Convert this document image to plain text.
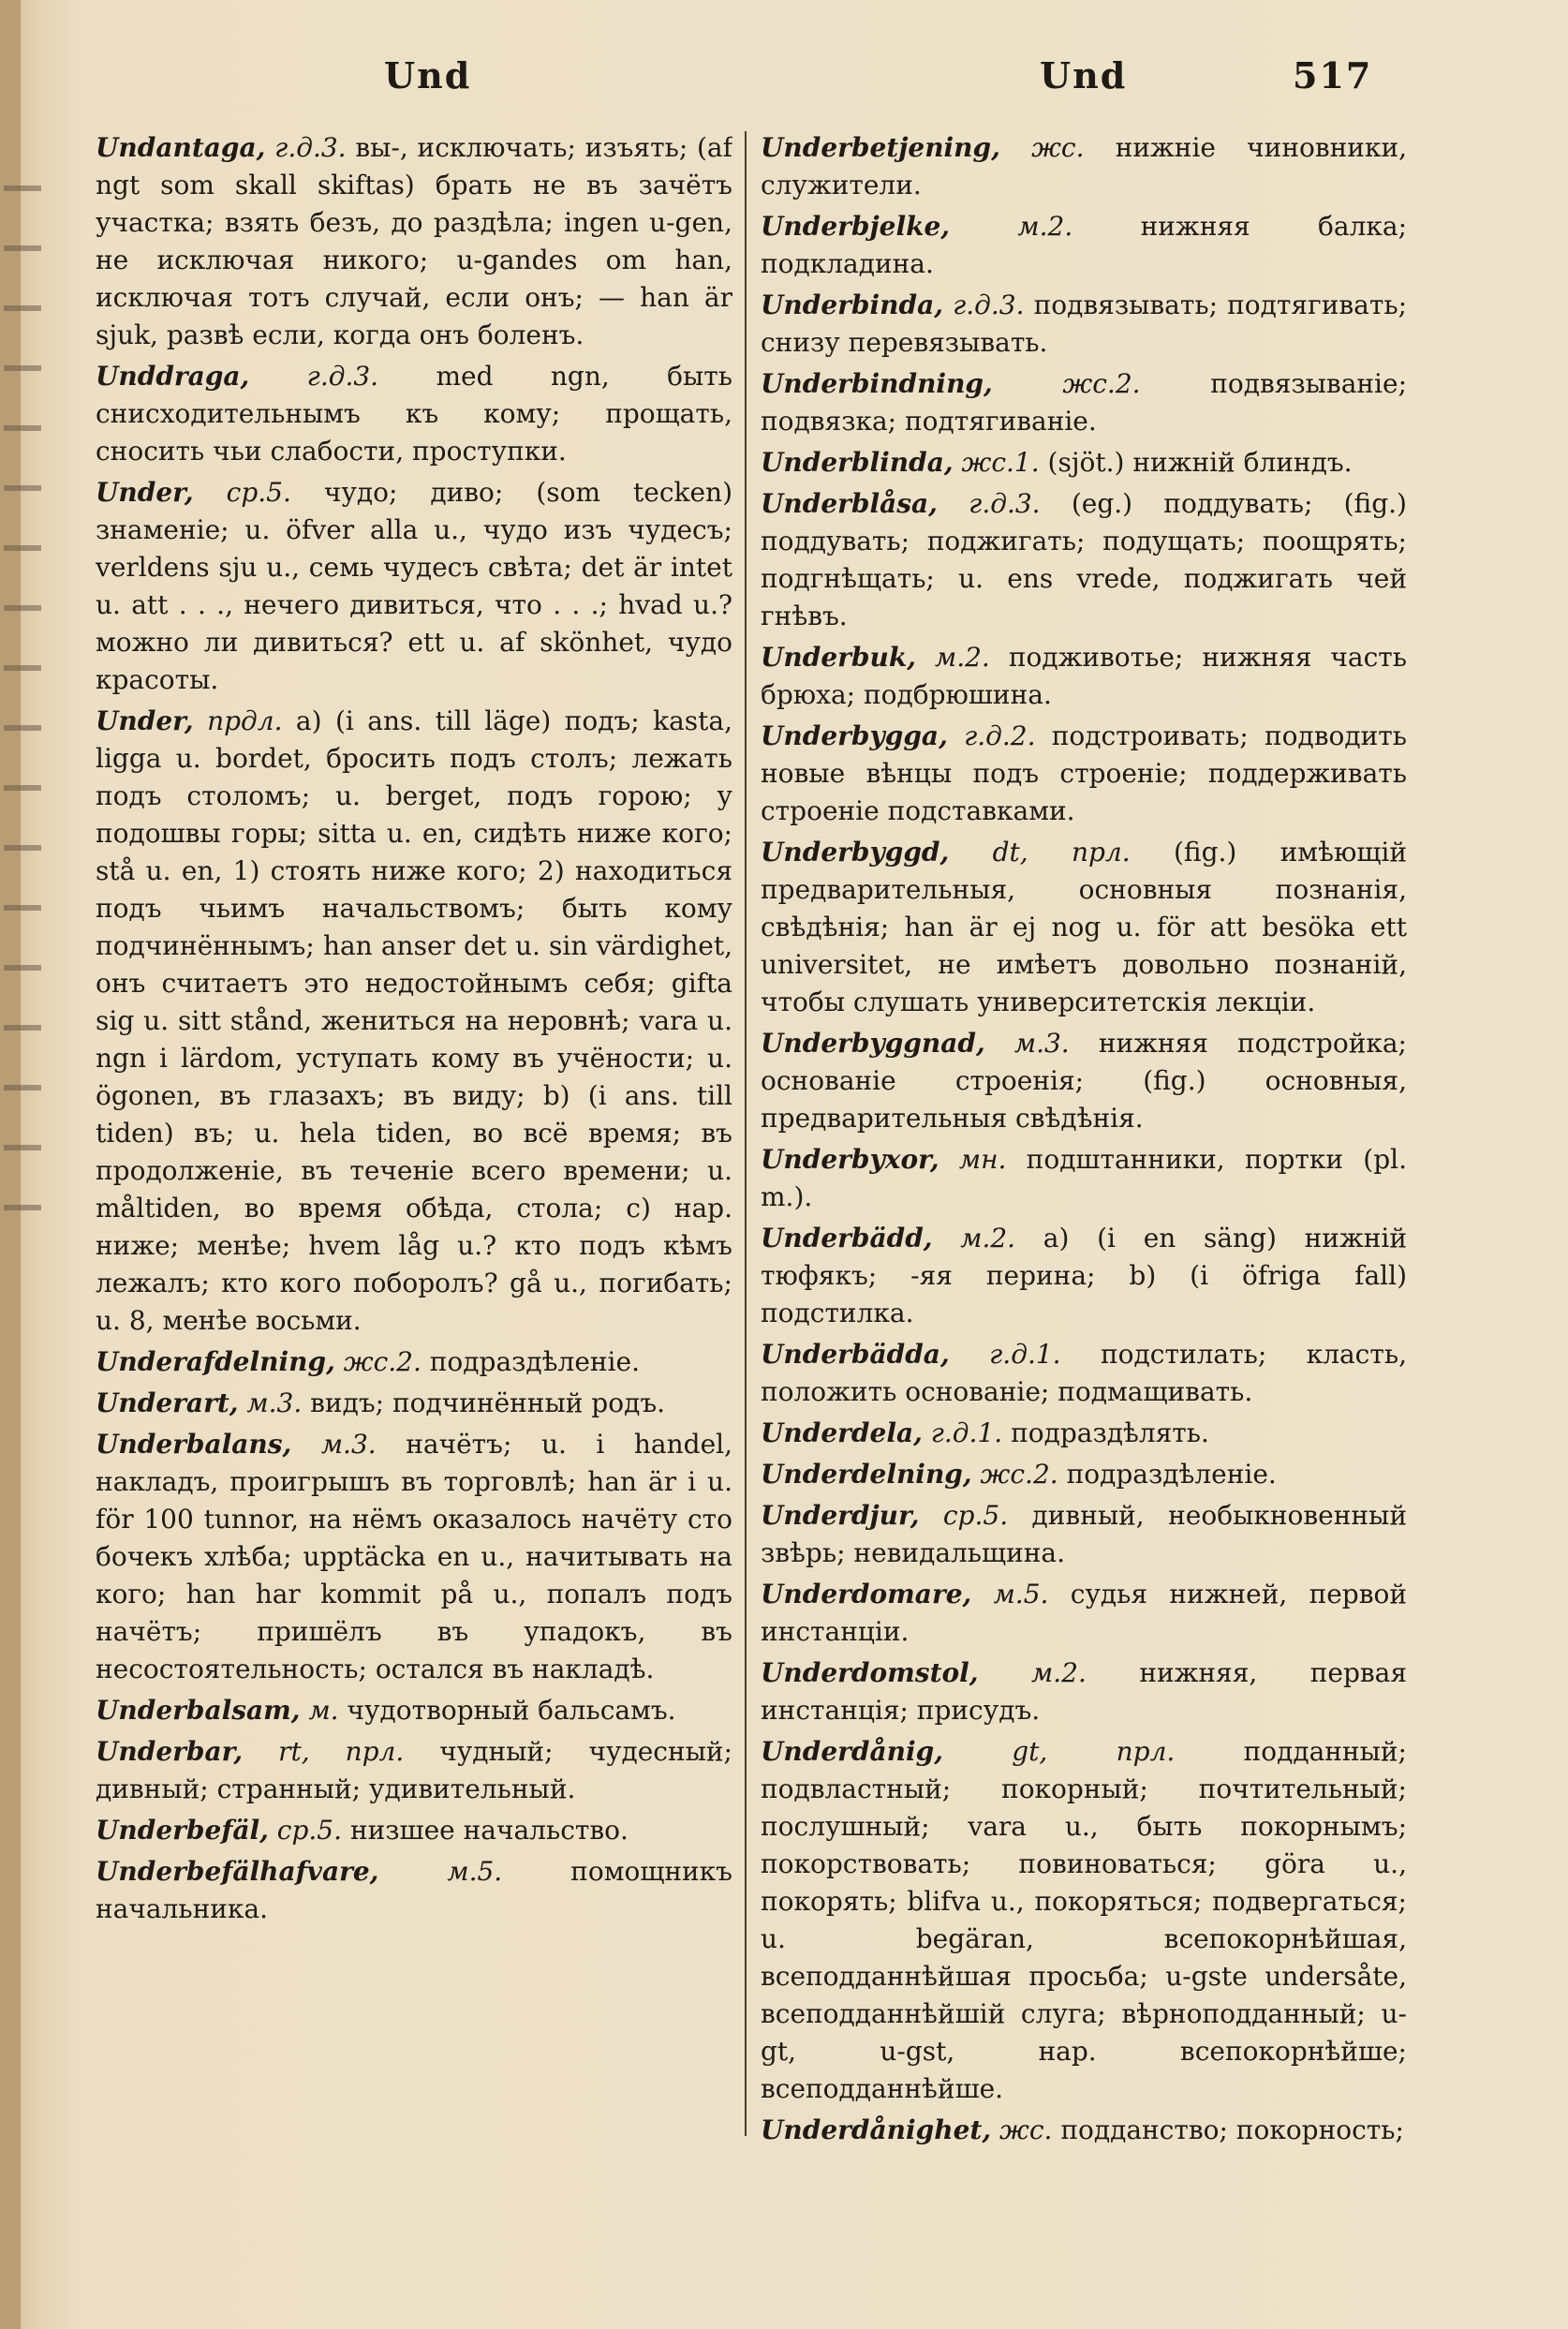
Und	Und	517

Undantaga, г.д.3. вы-, исключать; изъять; (af ngt som skall skiftas) брать не въ зачётъ участка; взять безъ, до раздѣла; ingen u-gen, не исключая никого; u-gandes om han, исключая тотъ случай, если онъ; — han är sjuk, развѣ если, когда онъ боленъ.

Unddraga, г.д.3. med ngn, быть снисходительнымъ къ кому; прощать, сносить чьи слабости, проступки.

Under, ср.5. чудо; диво; (som tecken) знаменіе; u. öfver alla u., чудо изъ чудесъ; verldens sju u., семь чудесъ свѣта; det är intet u. att . . ., нечего дивиться, что . . .; hvad u.? можно ли дивиться? ett u. af skönhet, чудо красоты.

Under, прдл. а) (i ans. till läge) подъ; kasta, ligga u. bordet, бросить подъ столъ; лежать подъ столомъ; u. berget, подъ горою; у подошвы горы; sitta u. en, сидѣть ниже кого; stå u. en, 1) стоять ниже кого; 2) находиться подъ чьимъ начальствомъ; быть кому подчинённымъ; han anser det u. sin värdighet, онъ считаетъ это недостойнымъ себя; gifta sig u. sitt stånd, жениться на неровнѣ; vara u. ngn i lärdom, уступать кому въ учёности; u. ögonen, въ глазахъ; въ виду; b) (i ans. till tiden) въ; u. hela tiden, во всё время; въ продолженіе, въ теченіе всего времени; u. måltiden, во время обѣда, стола; c) нар. ниже; менѣе; hvem låg u.? кто подъ кѣмъ лежалъ; кто кого поборолъ? gå u., погибать; u. 8, менѣе восьми.

Underafdelning, жс.2. подраздѣленіе.

Underart, м.3. видъ; подчинённый родъ.

Underbalans, м.3. начётъ; u. i handel, накладъ, проигрышъ въ торговлѣ; han är i u. för 100 tunnor, на нёмъ оказалось начёту сто бочекъ хлѣба; upptäcka en u., начитывать на кого; han har kommit på u., попалъ подъ начётъ; пришёлъ въ упадокъ, въ несостоятельность; остался въ накладѣ.

Underbalsam, м. чудотворный бальсамъ.

Underbar, rt, прл. чудный; чудесный; дивный; странный; удивительный.

Underbefäl, ср.5. низшее начальство.

Underbefälhafvare,	м.5.	помощникъ начальника.

Underbetjening, жс. нижніе чиновники, служители.

Underbjelke,	м.2.	нижняя балка; подкладина.

Underbinda, г.д.3. подвязывать; подтягивать; снизу перевязывать.

Underbindning,	жс.2.	подвязываніе; подвязка; подтягиваніе.

Underblinda, жс.1. (sjöt.) нижній блиндъ.

Underblåsa, г.д.3. (eg.) поддувать; (fig.) поддувать; поджигать; подущать; поощрять; подгнѣщать; u. ens vrede, поджигать чей гнѣвъ.

Underbuk, м.2. подживотье; нижняя часть брюха; подбрюшина.

Underbygga, г.д.2. подстроивать; подводить новые вѣнцы подъ строеніе; поддерживать строеніе подставками.

Underbyggd, dt, прл. (fig.) имѣющій предварительныя, основныя познанія, свѣдѣнія; han är ej nog u. för att besöka ett universitet, не имѣетъ довольно познаній, чтобы слушать университетскія лекціи.

Underbyggnad, м.3. нижняя подстройка; основаніе строенія; (fig.) основныя, предварительныя свѣдѣнія.

Underbyxor, мн. подштанники, портки (pl. m.).

Underbädd, м.2. а) (i en säng) нижній тюфякъ; -яя перина; b) (i öfriga fall) подстилка.

Underbädda, г.д.1. подстилать; класть, положить основаніе; подмащивать.

Underdela, г.д.1. подраздѣлять.

Underdelning, жс.2. подраздѣленіе.

Underdjur, ср.5. дивный, необыкновенный звѣрь; невидальщина.

Underdomare, м.5. судья нижней, первой инстанціи.

Underdomstol, м.2. нижняя, первая инстанція; присудъ.

Underdånig,	gt, прл.	подданный; подвластный; покорный; почтительный; послушный; vara u., быть покорнымъ; покорствовать; повиноваться; göra u., покорять; blifva u., покоряться; подвергаться; u. begäran, всепокорнѣйшая, всеподданнѣйшая просьба; u-gste undersåte, всеподданнѣйшій слуга; вѣрноподданный; u-gt, u-gst, нар. всепокорнѣйше; всеподданнѣйше.

Underdånighet, жс. подданство; покорность;
